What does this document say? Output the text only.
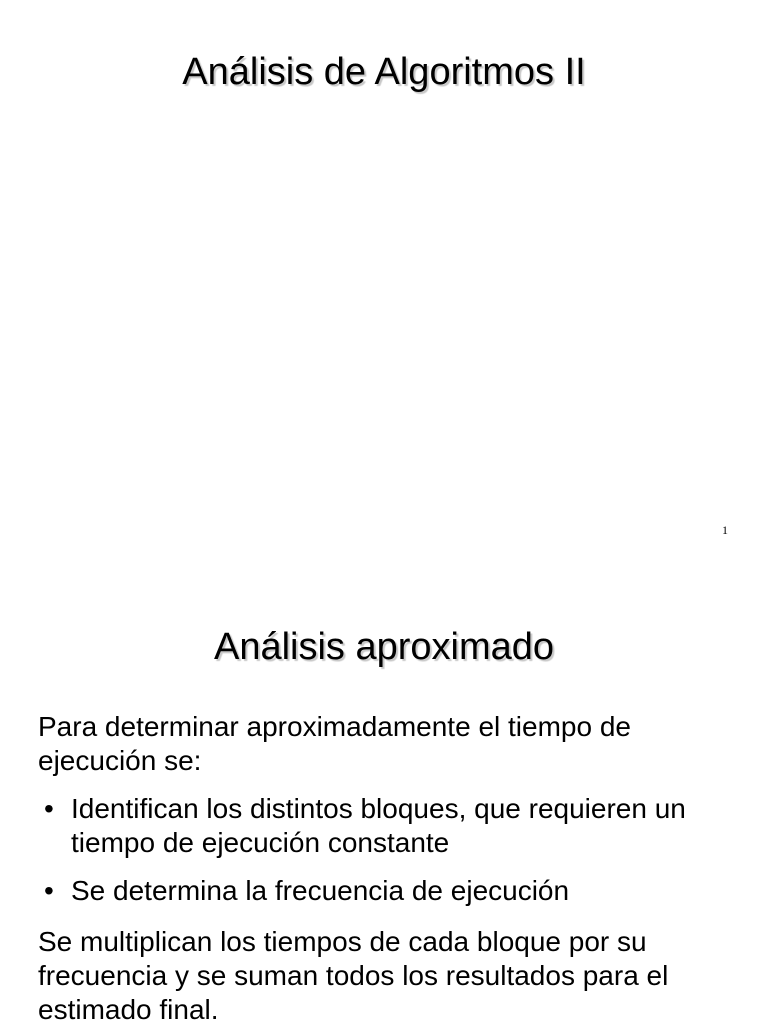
Análisis de Algoritmos II
1
Análisis aproximado

Para determinar aproximadamente el tiempo de ejecución se:

• Identifican los distintos bloques, que requieren un tiempo de ejecución constante
• Se determina la frecuencia de ejecución

Se multiplican los tiempos de cada bloque por su frecuencia y se suman todos los resultados para el estimado final.
